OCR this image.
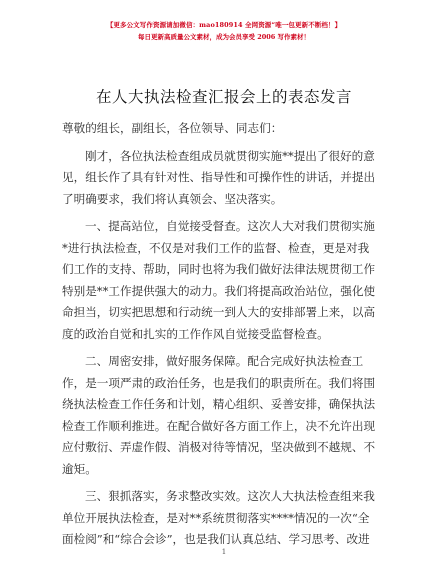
【更多公文写作资源请加微信：mao180914 全网资源“唯一包更新不断档！】
每日更新高质量公文素材，成为会员享受 2006 写作素材！
在人大执法检查汇报会上的表态发言

尊敬的组长，副组长，各位领导、同志们：

刚才，各位执法检查组成员就贯彻实施**提出了很好的意
见，组长作了具有针对性、指导性和可操作性的讲话，并提出
了明确要求，我们将认真领会、坚决落实。

一、提高站位，自觉接受督查。这次人大对我们贯彻实施
*进行执法检查，不仅是对我们工作的监督、检查，更是对我
们工作的支持、帮助，同时也将为我们做好法律法规贯彻工作
特别是**工作提供强大的动力。我们将提高政治站位，强化使
命担当，切实把思想和行动统一到人大的安排部署上来，以高
度的政治自觉和扎实的工作作风自觉接受监督检查。

二、周密安排，做好服务保障。配合完成好执法检查工
作，是一项严肃的政治任务，也是我们的职责所在。我们将围
绕执法检查工作任务和计划，精心组织、妥善安排，确保执法
检查工作顺利推进。在配合做好各方面工作上，决不允许出现
应付敷衍、弄虚作假、消极对待等情况，坚决做到不越规、不
逾矩。

三、狠抓落实，务求整改实效。这次人大执法检查组来我
单位开展执法检查，是对**系统贯彻落实****情况的一次“全
面检阅”和“综合会诊”，也是我们认真总结、学习思考、改进

1
